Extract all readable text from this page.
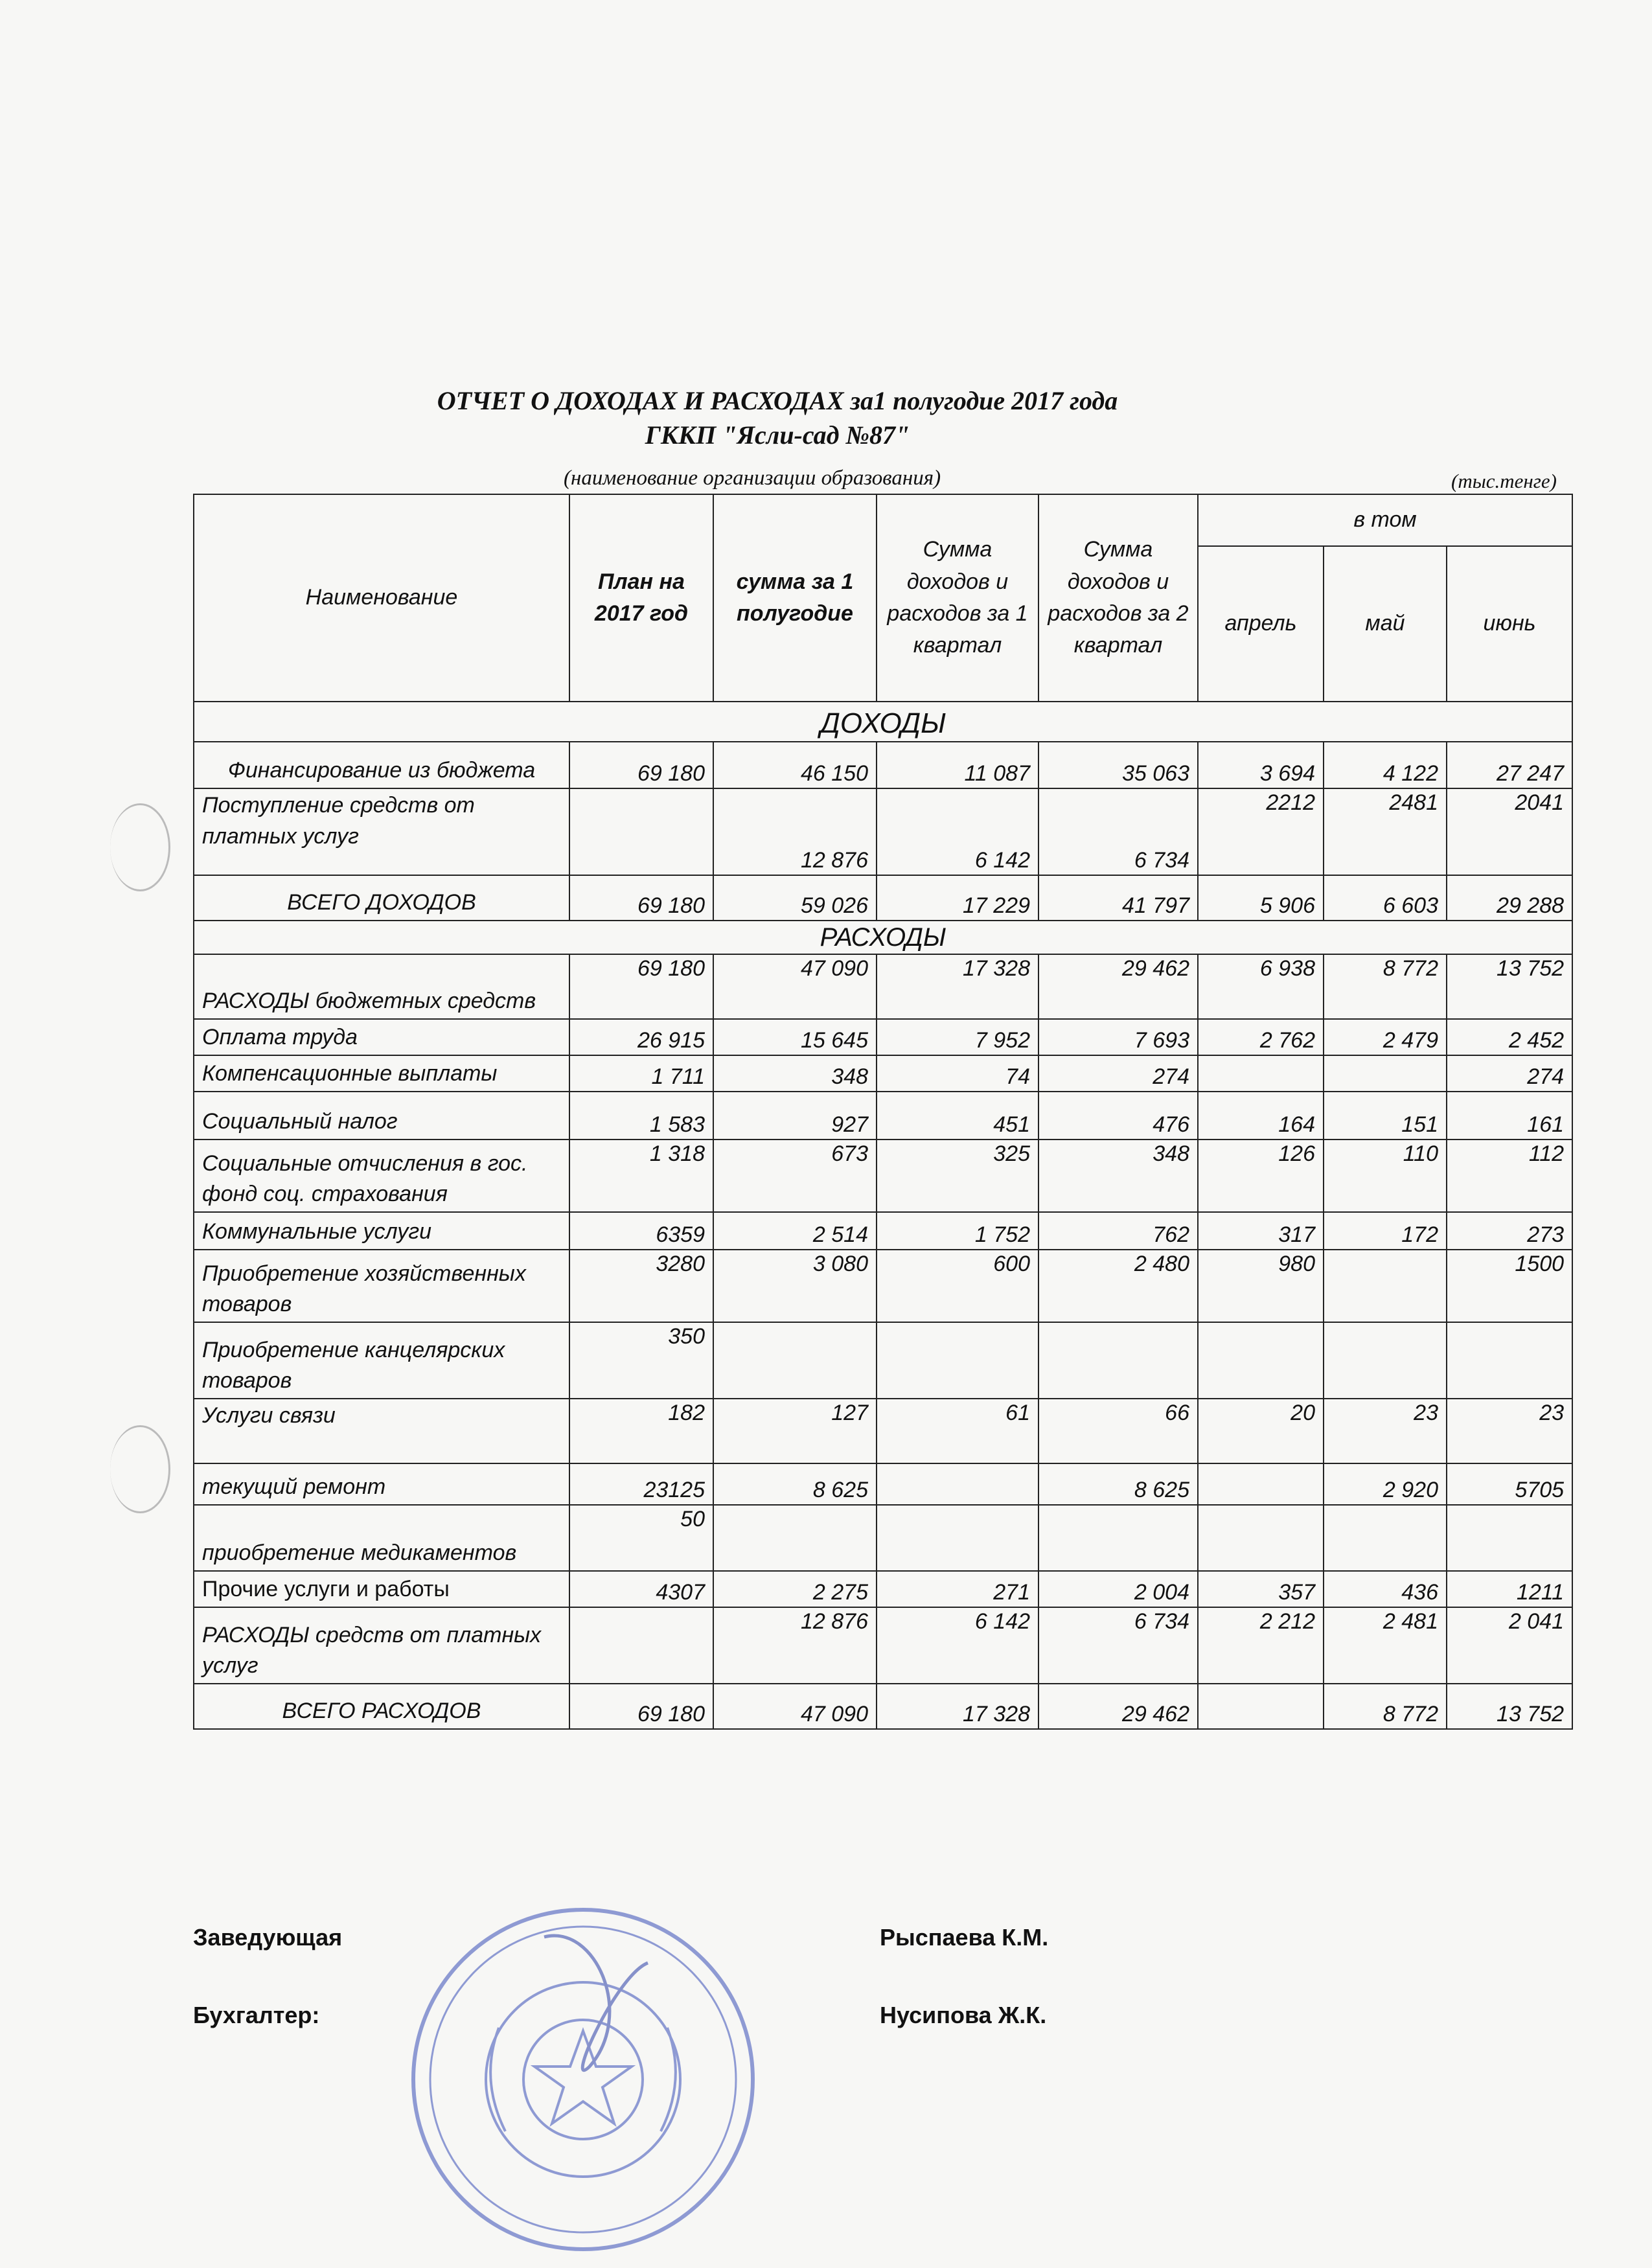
ОТЧЕТ О ДОХОДАХ И РАСХОДАХ за1 полугодие 2017 года
ГККП "Ясли-сад №87"
(наименование организации образования)	(тыс.тенге)
Наименование	План на 2017 год	сумма за 1 полугодие	Сумма доходов и расходов за 1 квартал	Сумма доходов и расходов за 2 квартал	в том		
					апрель	май	июнь
ДОХОДЫ							
Финансирование из бюджета	69 180	46 150	11 087	35 063	3 694	4 122	27 247
Поступление средств от платных услуг		12 876	6 142	6 734	2212	2481	2041
ВСЕГО ДОХОДОВ	69 180	59 026	17 229	41 797	5 906	6 603	29 288
РАСХОДЫ							
РАСХОДЫ бюджетных средств	69 180	47 090	17 328	29 462	6 938	8 772	13 752
Оплата труда	26 915	15 645	7 952	7 693	2 762	2 479	2 452
Компенсационные выплаты	1 711	348	74	274			274
Социальный налог	1 583	927	451	476	164	151	161
Социальные отчисления в гос. фонд соц. страхования	1 318	673	325	348	126	110	112
Коммунальные услуги	6359	2 514	1 752	762	317	172	273
Приобретение хозяйственных товаров	3280	3 080	600	2 480	980		1500
Приобретение канцелярских товаров	350						
Услуги связи	182	127	61	66	20	23	23
текущий ремонт	23125	8 625		8 625		2 920	5705
приобретение медикаментов	50						
Прочие услуги и работы	4307	2 275	271	2 004	357	436	1211
РАСХОДЫ средств от платных услуг		12 876	6 142	6 734	2 212	2 481	2 041
ВСЕГО РАСХОДОВ	69 180	47 090	17 328	29 462		8 772	13 752
Заведующая	Рыспаева К.М.
Бухгалтер:	Нусипова Ж.К.
